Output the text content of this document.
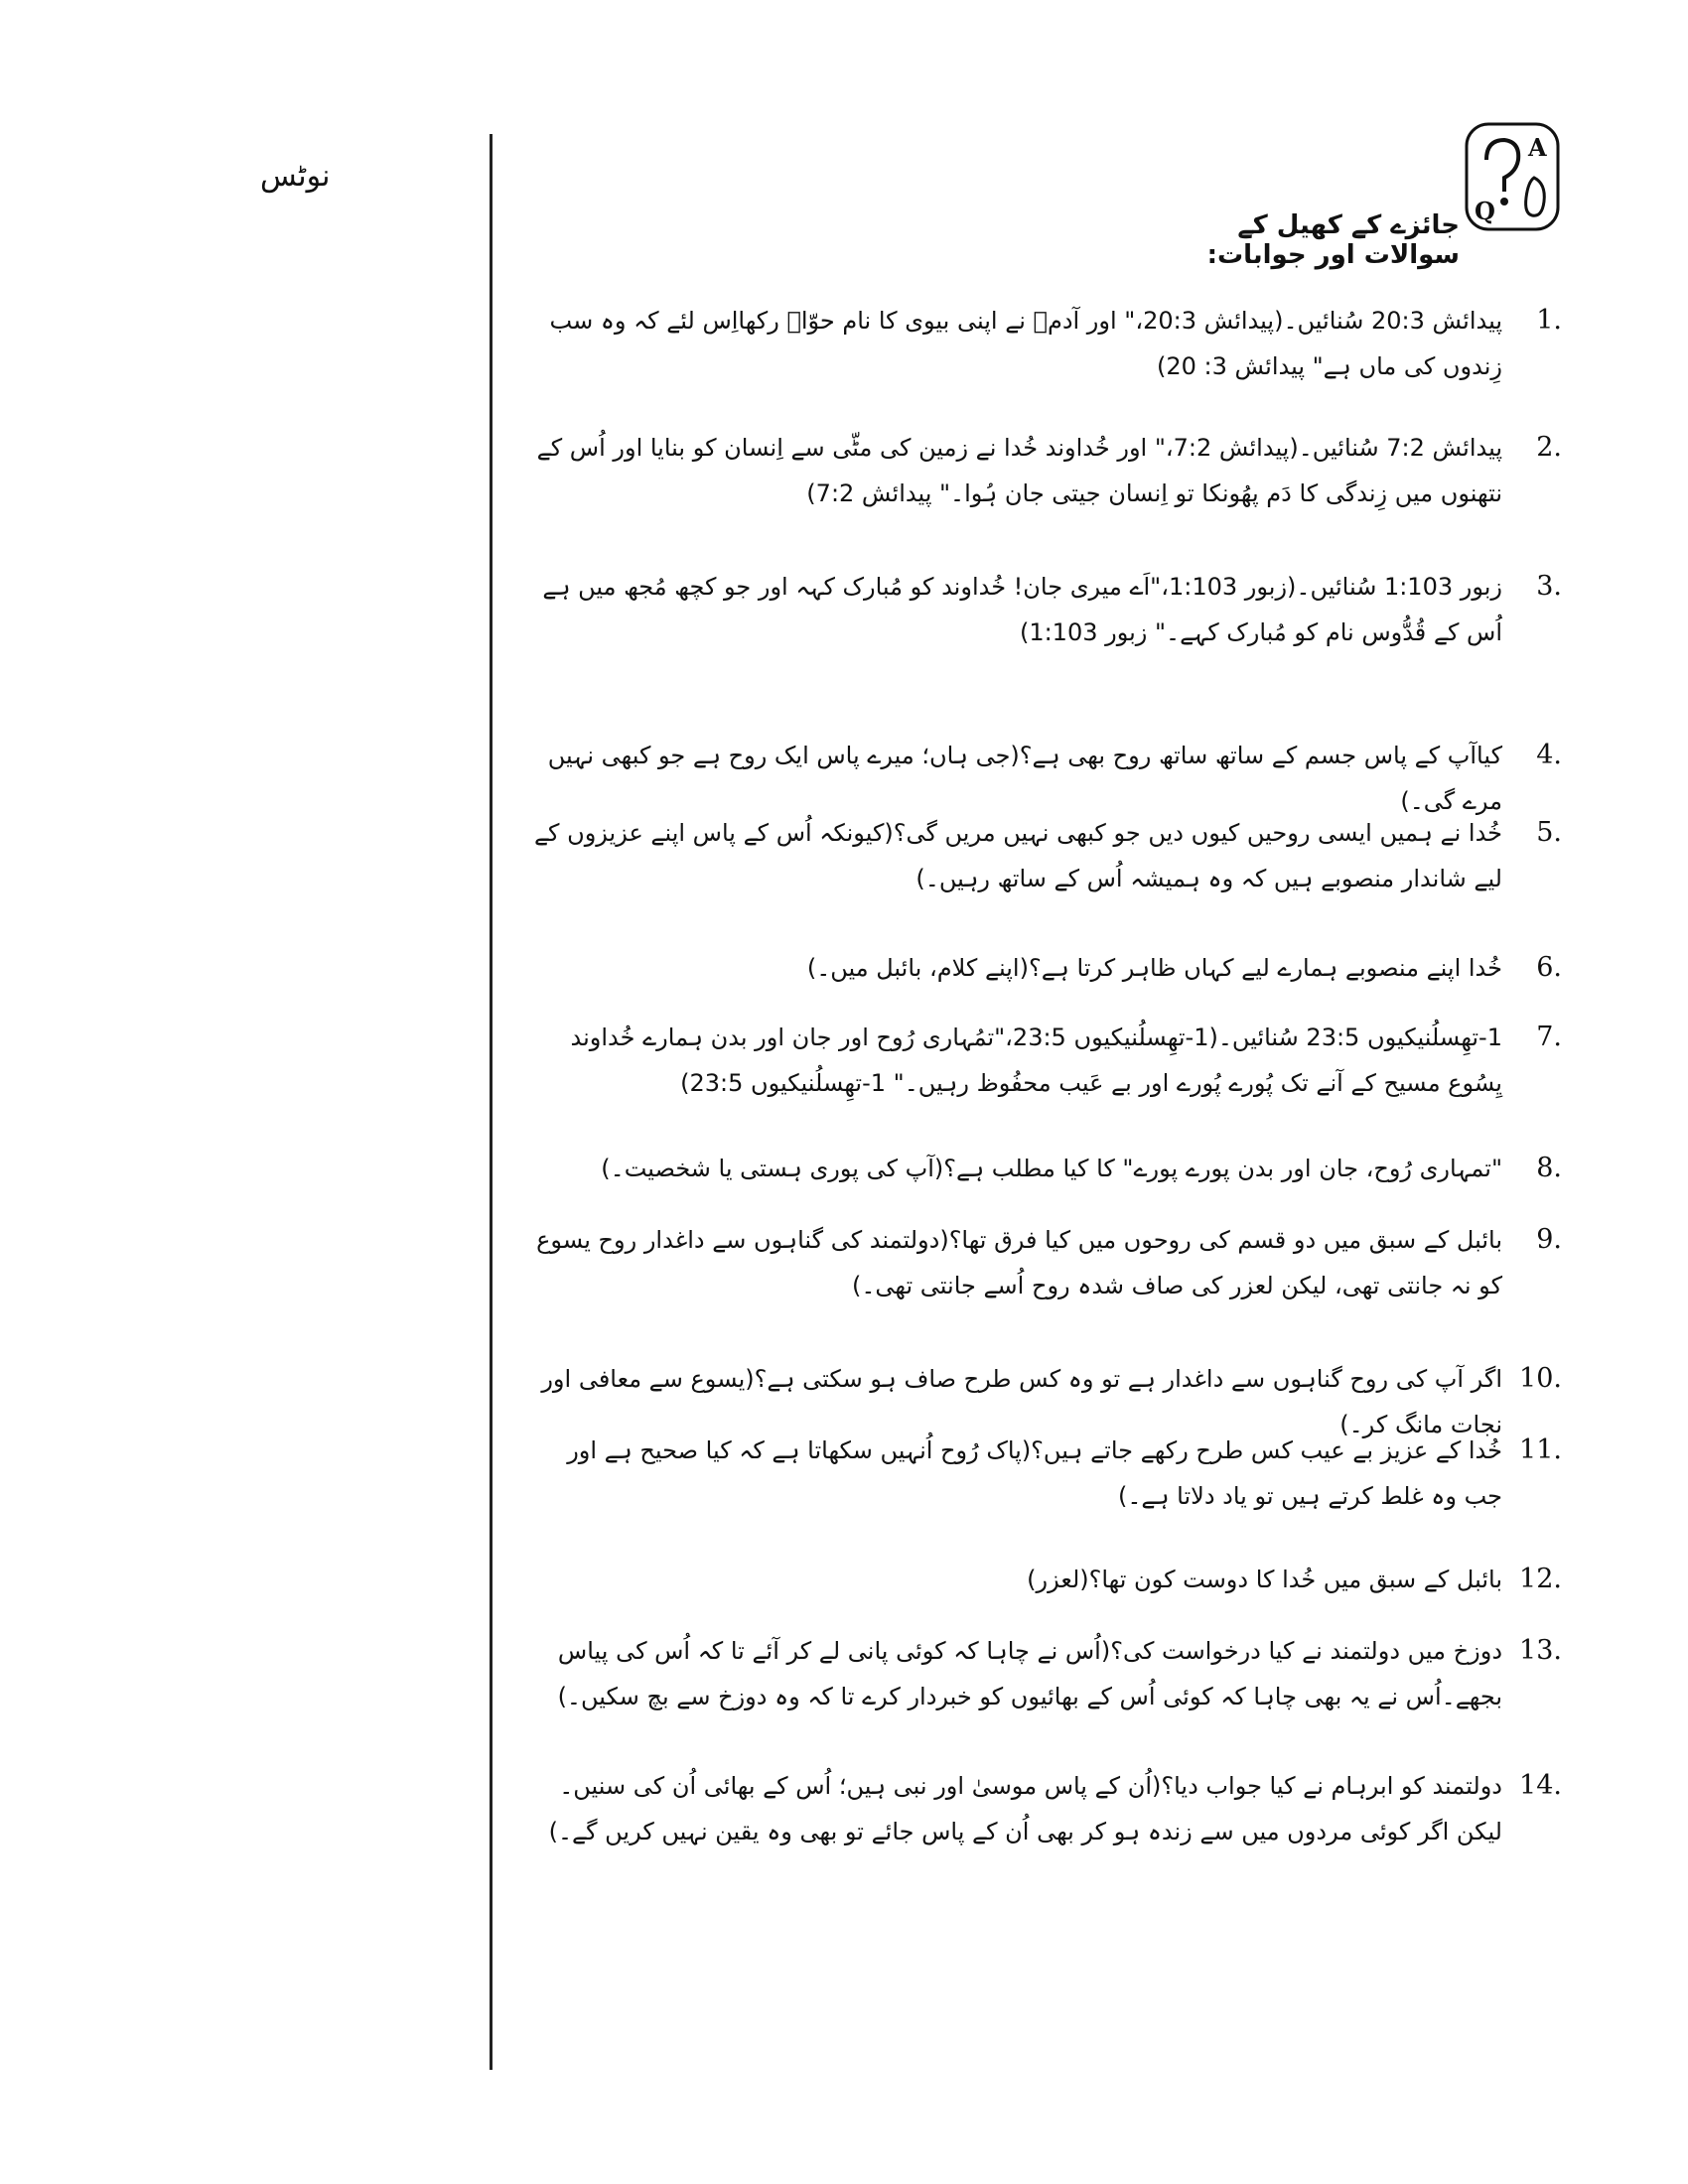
نوٹس
A
Q
جائزے کے کھیل کے سوالات اور جوابات:
1.
پیدائش 20:3 سُنائیں۔(پیدائش 20:3،" اور آدمؔ نے اپنی بیوی کا نام حوّاؔ رکھااِس لئے کہ وہ سب زِندوں کی ماں ہے" پیدائش 3: 20)
2.
پیدائش 7:2 سُنائیں۔(پیدائش 7:2،" اور خُداوند خُدا نے زمین کی مٹّی سے اِنسان کو بنایا اور اُس کے نتھنوں میں زِندگی کا دَم پھُونکا تو اِنسان جیتی جان ہُوا۔" پیدائش 7:2)
3.
زبور 1:103 سُنائیں۔(زبور 1:103،"اَے میری جان! خُداوند کو مُبارک کہہ اور جو کچھ مُجھ میں ہے اُس کے قُدُّوس نام کو مُبارک کہے۔" زبور 1:103)
4.
کیاآپ کے پاس جسم کے ساتھ ساتھ روح بھی ہے؟(جی ہاں؛ میرے پاس ایک روح ہے جو کبھی نہیں مرے گی۔)
5.
خُدا نے ہمیں ایسی روحیں کیوں دیں جو کبھی نہیں مریں گی؟(کیونکہ اُس کے پاس اپنے عزیزوں کے لیے شاندار منصوبے ہیں کہ وہ ہمیشہ اُس کے ساتھ رہیں۔)
6.
خُدا اپنے منصوبے ہمارے لیے کہاں ظاہر کرتا ہے؟(اپنے کلام، بائبل میں۔)
7.
1-تھِسلُنیکیوں 23:5 سُنائیں۔(1-تھِسلُنیکیوں 23:5،"تمُہاری رُوح اور جان اور بدن ہمارے خُداوند یِسُوع مسیح کے آنے تک پُورے پُورے اور بے عَیب محفُوظ رہیں۔" 1-تھِسلُنیکیوں 23:5)
8.
"تمہاری رُوح، جان اور بدن پورے پورے" کا کیا مطلب ہے؟(آپ کی پوری ہستی یا شخصیت۔)
9.
بائبل کے سبق میں دو قسم کی روحوں میں کیا فرق تھا؟(دولتمند کی گناہوں سے داغدار روح یسوع کو نہ جانتی تھی، لیکن لعزر کی صاف شدہ روح اُسے جانتی تھی۔)
10.
اگر آپ کی روح گناہوں سے داغدار ہے تو وہ کس طرح صاف ہو سکتی ہے؟(یسوع سے معافی اور نجات مانگ کر۔)
11.
خُدا کے عزیز بے عیب کس طرح رکھے جاتے ہیں؟(پاک رُوح اُنہیں سکھاتا ہے کہ کیا صحیح ہے اور جب وہ غلط کرتے ہیں تو یاد دلاتا ہے۔)
12.
بائبل کے سبق میں خُدا کا دوست کون تھا؟(لعزر)
13.
دوزخ میں دولتمند نے کیا درخواست کی؟(اُس نے چاہا کہ کوئی پانی لے کر آئے تا کہ اُس کی پیاس بجھے۔اُس نے یہ بھی چاہا کہ کوئی اُس کے بھائیوں کو خبردار کرے تا کہ وہ دوزخ سے بچ سکیں۔)
14.
دولتمند کو ابرہام نے کیا جواب دیا؟(اُن کے پاس موسیٰ اور نبی ہیں؛ اُس کے بھائی اُن کی سنیں۔ لیکن اگر کوئی مردوں میں سے زندہ ہو کر بھی اُن کے پاس جائے تو بھی وہ یقین نہیں کریں گے۔)
